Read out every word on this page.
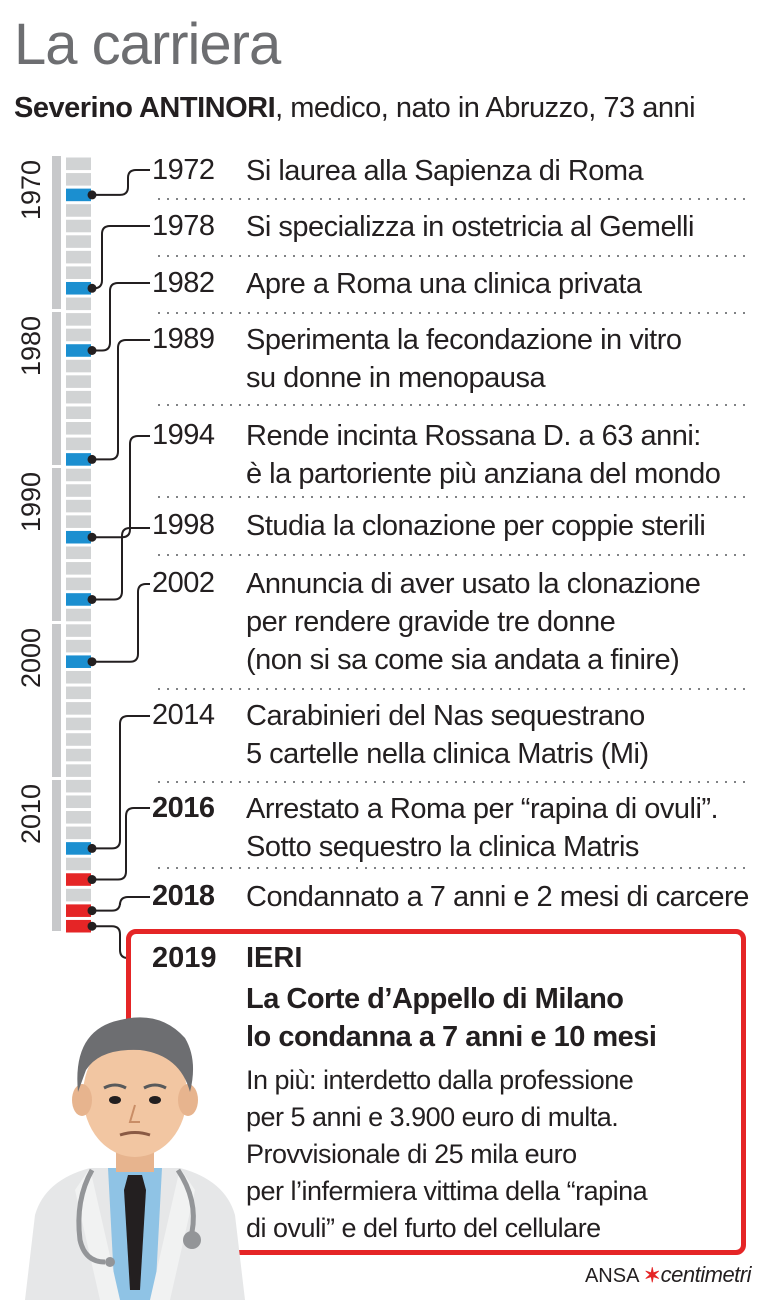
La carriera
Severino ANTINORI, medico, nato in Abruzzo, 73 anni
1970
1980
1990
2000
2010
1972 Si laurea alla Sapienza di Roma
1978 Si specializza in ostetricia al Gemelli
1982 Apre a Roma una clinica privata
1989 Sperimenta la fecondazione in vitro
su donne in menopausa
1994 Rende incinta Rossana D. a 63 anni:
è la partoriente più anziana del mondo
1998 Studia la clonazione per coppie sterili
2002 Annuncia di aver usato la clonazione
per rendere gravide tre donne
(non si sa come sia andata a finire)
2014 Carabinieri del Nas sequestrano
5 cartelle nella clinica Matris (Mi)
2016 Arrestato a Roma per “rapina di ovuli”.
Sotto sequestro la clinica Matris
2018 Condannato a 7 anni e 2 mesi di carcere
2019 IERI
La Corte d’Appello di Milano
lo condanna a 7 anni e 10 mesi
In più: interdetto dalla professione
per 5 anni e 3.900 euro di multa.
Provvisionale di 25 mila euro
per l’infermiera vittima della “rapina
di ovuli” e del furto del cellulare
ANSA ✶centimetri
